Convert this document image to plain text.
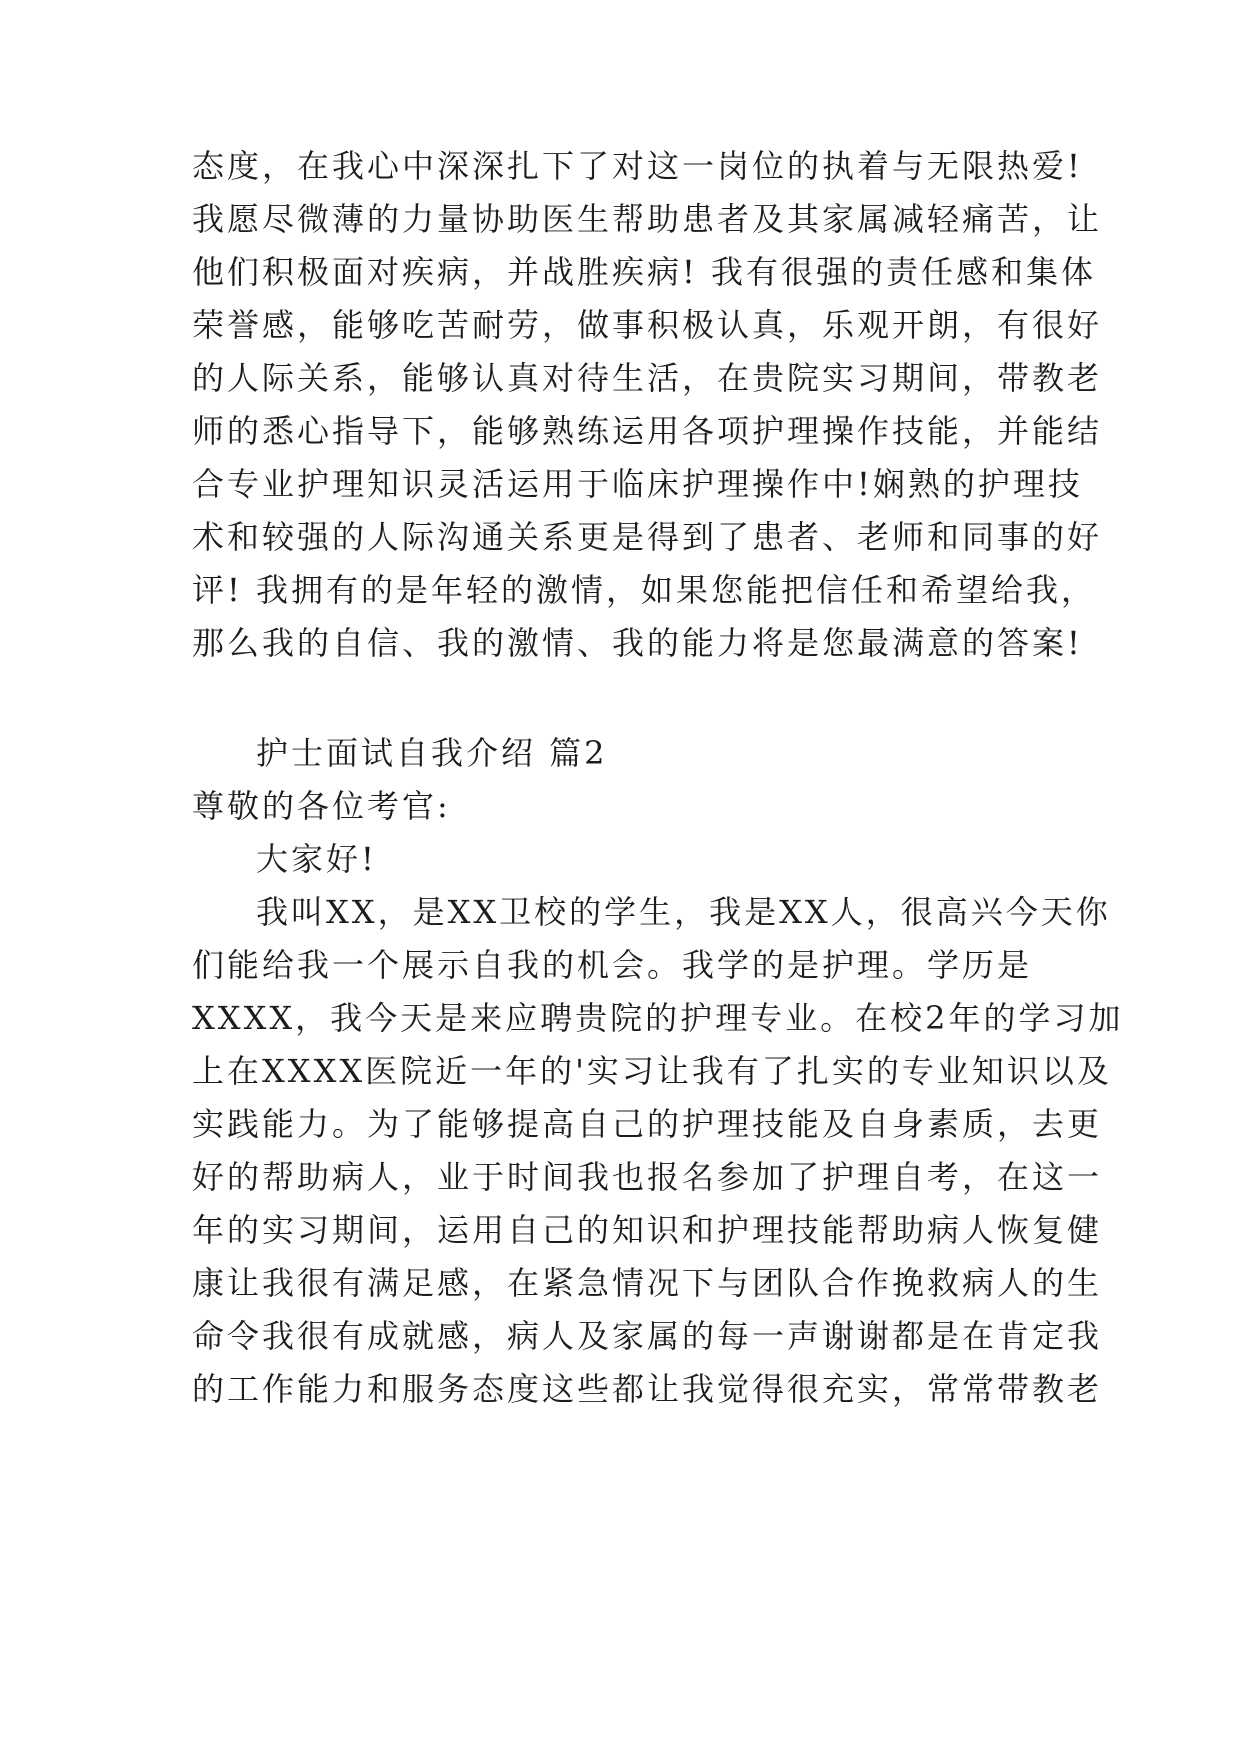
态度，在我心中深深扎下了对这一岗位的执着与无限热爱!
我愿尽微薄的力量协助医生帮助患者及其家属减轻痛苦，让
他们积极面对疾病，并战胜疾病! 我有很强的责任感和集体
荣誉感，能够吃苦耐劳，做事积极认真，乐观开朗，有很好
的人际关系，能够认真对待生活，在贵院实习期间，带教老
师的悉心指导下，能够熟练运用各项护理操作技能，并能结
合专业护理知识灵活运用于临床护理操作中!娴熟的护理技
术和较强的人际沟通关系更是得到了患者、老师和同事的好
评! 我拥有的是年轻的激情，如果您能把信任和希望给我，
那么我的自信、我的激情、我的能力将是您最满意的答案!
护士面试自我介绍 篇2
尊敬的各位考官:
大家好!
我叫XX，是XX卫校的学生，我是XX人，很高兴今天你
们能给我一个展示自我的机会。我学的是护理。学历是
XXXX，我今天是来应聘贵院的护理专业。在校2年的学习加
上在XXXX医院近一年的'实习让我有了扎实的专业知识以及
实践能力。为了能够提高自己的护理技能及自身素质，去更
好的帮助病人，业于时间我也报名参加了护理自考，在这一
年的实习期间，运用自己的知识和护理技能帮助病人恢复健
康让我很有满足感，在紧急情况下与团队合作挽救病人的生
命令我很有成就感，病人及家属的每一声谢谢都是在肯定我
的工作能力和服务态度这些都让我觉得很充实，常常带教老
